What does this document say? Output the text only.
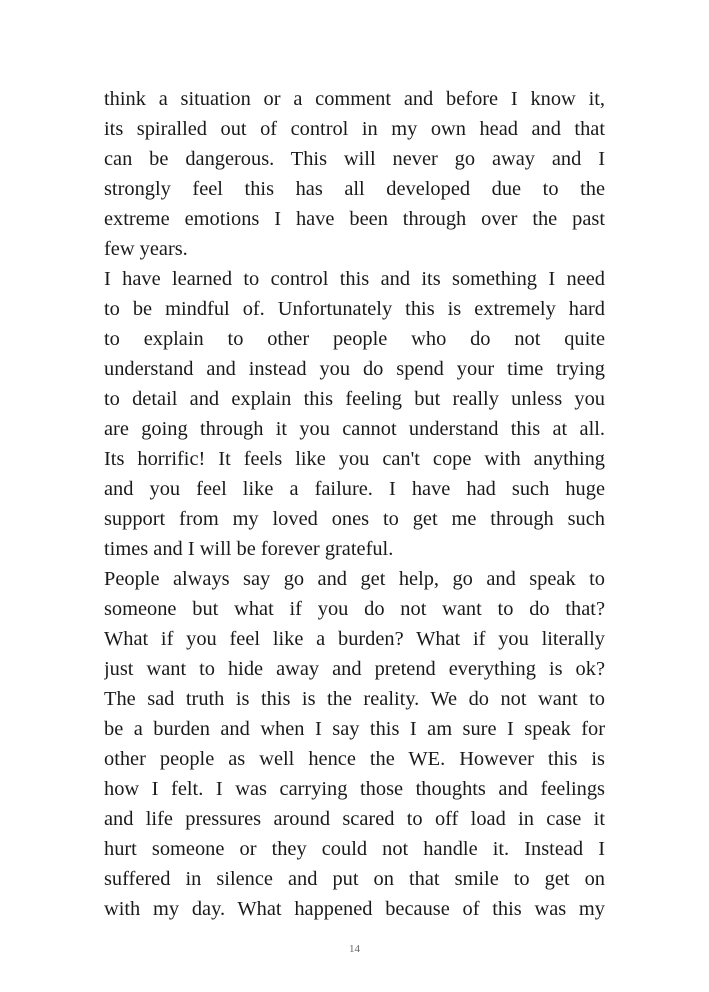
think a situation or a comment and before I know it,
its spiralled out of control in my own head and that
can be dangerous. This will never go away and I
strongly feel this has all developed due to the
extreme emotions I have been through over the past
few years.

I have learned to control this and its something I need
to be mindful of. Unfortunately this is extremely hard
to explain to other people who do not quite
understand and instead you do spend your time trying
to detail and explain this feeling but really unless you
are going through it you cannot understand this at all.
Its horrific! It feels like you can't cope with anything
and you feel like a failure. I have had such huge
support from my loved ones to get me through such
times and I will be forever grateful.

People always say go and get help, go and speak to
someone but what if you do not want to do that?
What if you feel like a burden? What if you literally
just want to hide away and pretend everything is ok?
The sad truth is this is the reality. We do not want to
be a burden and when I say this I am sure I speak for
other people as well hence the WE. However this is
how I felt. I was carrying those thoughts and feelings
and life pressures around scared to off load in case it
hurt someone or they could not handle it. Instead I
suffered in silence and put on that smile to get on
with my day. What happened because of this was my

14
